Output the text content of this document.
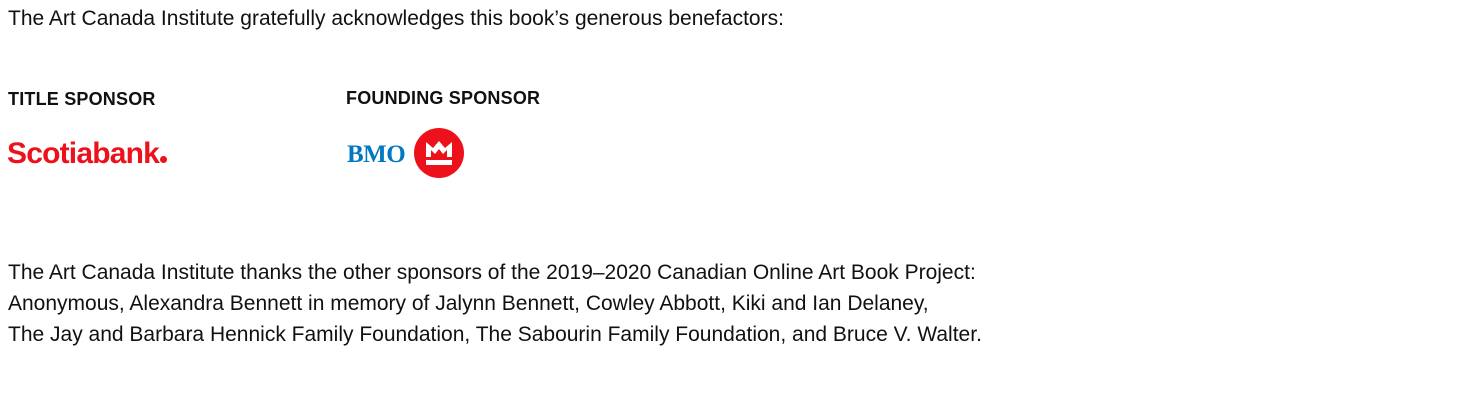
The Art Canada Institute gratefully acknowledges this book’s generous benefactors:
TITLE SPONSOR
Scotiabank
FOUNDING SPONSOR
BMO
The Art Canada Institute thanks the other sponsors of the 2019–2020 Canadian Online Art Book Project:
Anonymous, Alexandra Bennett in memory of Jalynn Bennett, Cowley Abbott, Kiki and Ian Delaney,
The Jay and Barbara Hennick Family Foundation, The Sabourin Family Foundation, and Bruce V. Walter.
